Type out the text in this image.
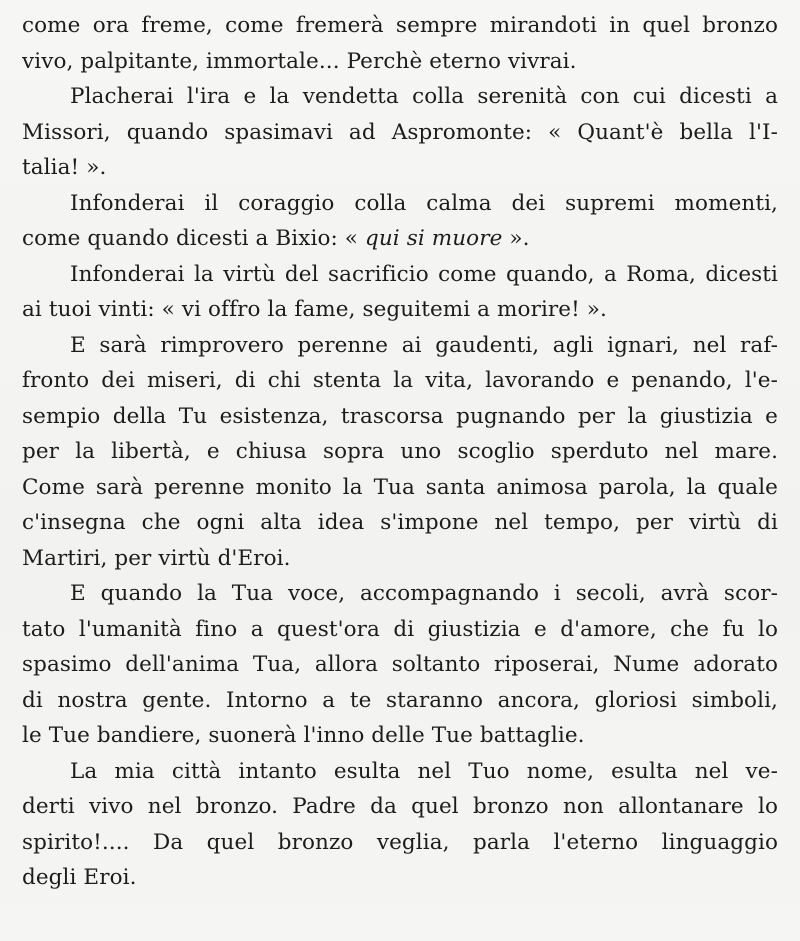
come ora freme, come fremerà sempre mirandoti in quel bronzo
vivo, palpitante, immortale... Perchè eterno vivrai.
Placherai l'ira e la vendetta colla serenità con cui dicesti a
Missori, quando spasimavi ad Aspromonte: « Quant'è bella l'I-
talia! ».
Infonderai il coraggio colla calma dei supremi momenti,
come quando dicesti a Bixio: « qui si muore ».
Infonderai la virtù del sacrificio come quando, a Roma, dicesti
ai tuoi vinti: « vi offro la fame, seguitemi a morire! ».
E sarà rimprovero perenne ai gaudenti, agli ignari, nel raf-
fronto dei miseri, di chi stenta la vita, lavorando e penando, l'e-
sempio della Tu esistenza, trascorsa pugnando per la giustizia e
per la libertà, e chiusa sopra uno scoglio sperduto nel mare.
Come sarà perenne monito la Tua santa animosa parola, la quale
c'insegna che ogni alta idea s'impone nel tempo, per virtù di
Martiri, per virtù d'Eroi.
E quando la Tua voce, accompagnando i secoli, avrà scor-
tato l'umanità fino a quest'ora di giustizia e d'amore, che fu lo
spasimo dell'anima Tua, allora soltanto riposerai, Nume adorato
di nostra gente. Intorno a te staranno ancora, gloriosi simboli,
le Tue bandiere, suonerà l'inno delle Tue battaglie.
La mia città intanto esulta nel Tuo nome, esulta nel ve-
derti vivo nel bronzo. Padre da quel bronzo non allontanare lo
spirito!.... Da quel bronzo veglia, parla l'eterno linguaggio
degli Eroi.
